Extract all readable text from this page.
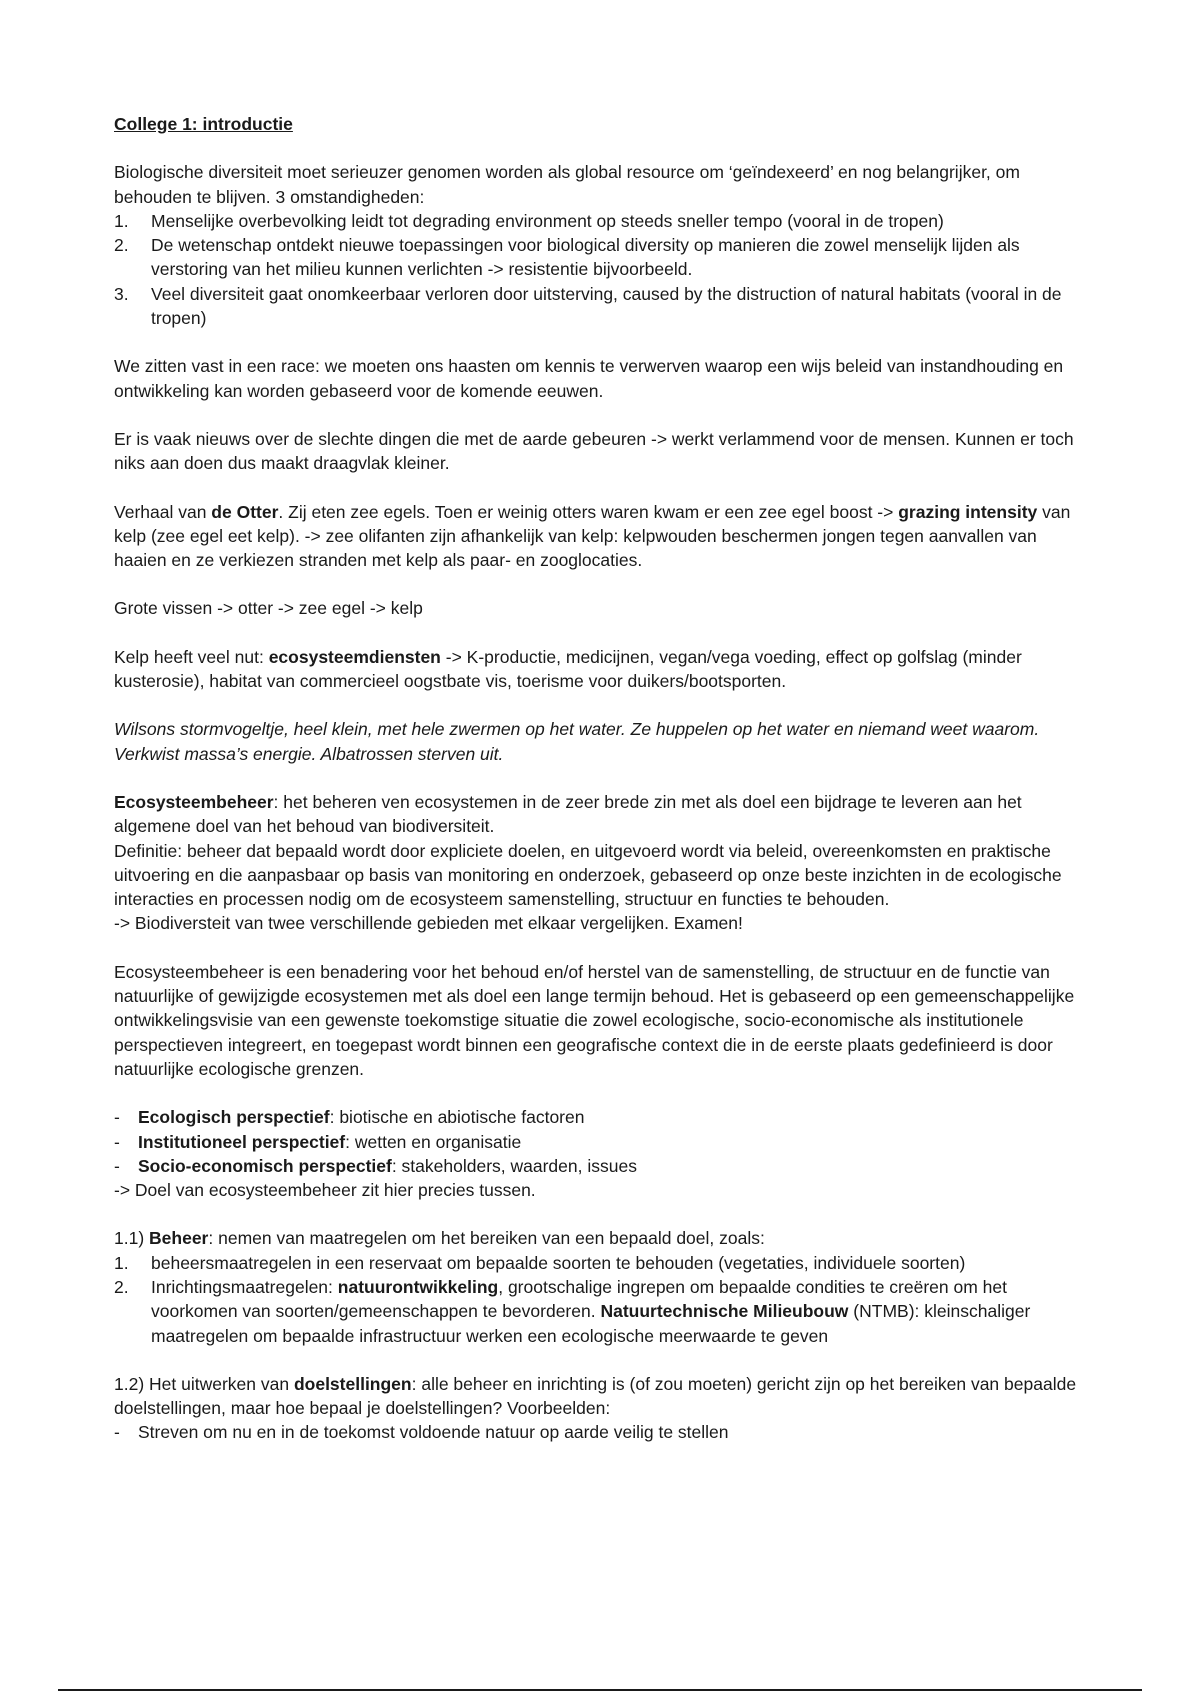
College 1: introductie

Biologische diversiteit moet serieuzer genomen worden als global resource om ‘geïndexeerd’ en nog belangrijker, om behouden te blijven. 3 omstandigheden:

1. Menselijke overbevolking leidt tot degrading environment op steeds sneller tempo (vooral in de tropen)
2. De wetenschap ontdekt nieuwe toepassingen voor biological diversity op manieren die zowel menselijk lijden als verstoring van het milieu kunnen verlichten -> resistentie bijvoorbeeld.
3. Veel diversiteit gaat onomkeerbaar verloren door uitsterving, caused by the distruction of natural habitats (vooral in de tropen)

We zitten vast in een race: we moeten ons haasten om kennis te verwerven waarop een wijs beleid van instandhouding en ontwikkeling kan worden gebaseerd voor de komende eeuwen.

Er is vaak nieuws over de slechte dingen die met de aarde gebeuren -> werkt verlammend voor de mensen. Kunnen er toch niks aan doen dus maakt draagvlak kleiner.

Verhaal van de Otter. Zij eten zee egels. Toen er weinig otters waren kwam er een zee egel boost -> grazing intensity van kelp (zee egel eet kelp). -> zee olifanten zijn afhankelijk van kelp: kelpwouden beschermen jongen tegen aanvallen van haaien en ze verkiezen stranden met kelp als paar- en zooglocaties.

Grote vissen -> otter -> zee egel -> kelp

Kelp heeft veel nut: ecosysteemdiensten -> K-productie, medicijnen, vegan/vega voeding, effect op golfslag (minder kusterosie), habitat van commercieel oogstbate vis, toerisme voor duikers/bootsporten.

Wilsons stormvogeltje, heel klein, met hele zwermen op het water. Ze huppelen op het water en niemand weet waarom. Verkwist massa’s energie. Albatrossen sterven uit.

Ecosysteembeheer: het beheren ven ecosystemen in de zeer brede zin met als doel een bijdrage te leveren aan het algemene doel van het behoud van biodiversiteit.

Definitie: beheer dat bepaald wordt door expliciete doelen, en uitgevoerd wordt via beleid, overeenkomsten en praktische uitvoering en die aanpasbaar op basis van monitoring en onderzoek, gebaseerd op onze beste inzichten in de ecologische interacties en processen nodig om de ecosysteem samenstelling, structuur en functies te behouden.

-> Biodiversteit van twee verschillende gebieden met elkaar vergelijken. Examen!

Ecosysteembeheer is een benadering voor het behoud en/of herstel van de samenstelling, de structuur en de functie van natuurlijke of gewijzigde ecosystemen met als doel een lange termijn behoud. Het is gebaseerd op een gemeenschappelijke ontwikkelingsvisie van een gewenste toekomstige situatie die zowel ecologische, socio-economische als institutionele perspectieven integreert, en toegepast wordt binnen een geografische context die in de eerste plaats gedefinieerd is door natuurlijke ecologische grenzen.

- Ecologisch perspectief: biotische en abiotische factoren
- Institutioneel perspectief: wetten en organisatie
- Socio-economisch perspectief: stakeholders, waarden, issues

-> Doel van ecosysteembeheer zit hier precies tussen.

1.1) Beheer: nemen van maatregelen om het bereiken van een bepaald doel, zoals:

1. beheersmaatregelen in een reservaat om bepaalde soorten te behouden (vegetaties, individuele soorten)
2. Inrichtingsmaatregelen: natuurontwikkeling, grootschalige ingrepen om bepaalde condities te creëren om het voorkomen van soorten/gemeenschappen te bevorderen. Natuurtechnische Milieubouw (NTMB): kleinschaliger maatregelen om bepaalde infrastructuur werken een ecologische meerwaarde te geven

1.2) Het uitwerken van doelstellingen: alle beheer en inrichting is (of zou moeten) gericht zijn op het bereiken van bepaalde doelstellingen, maar hoe bepaal je doelstellingen? Voorbeelden:

- Streven om nu en in de toekomst voldoende natuur op aarde veilig te stellen
